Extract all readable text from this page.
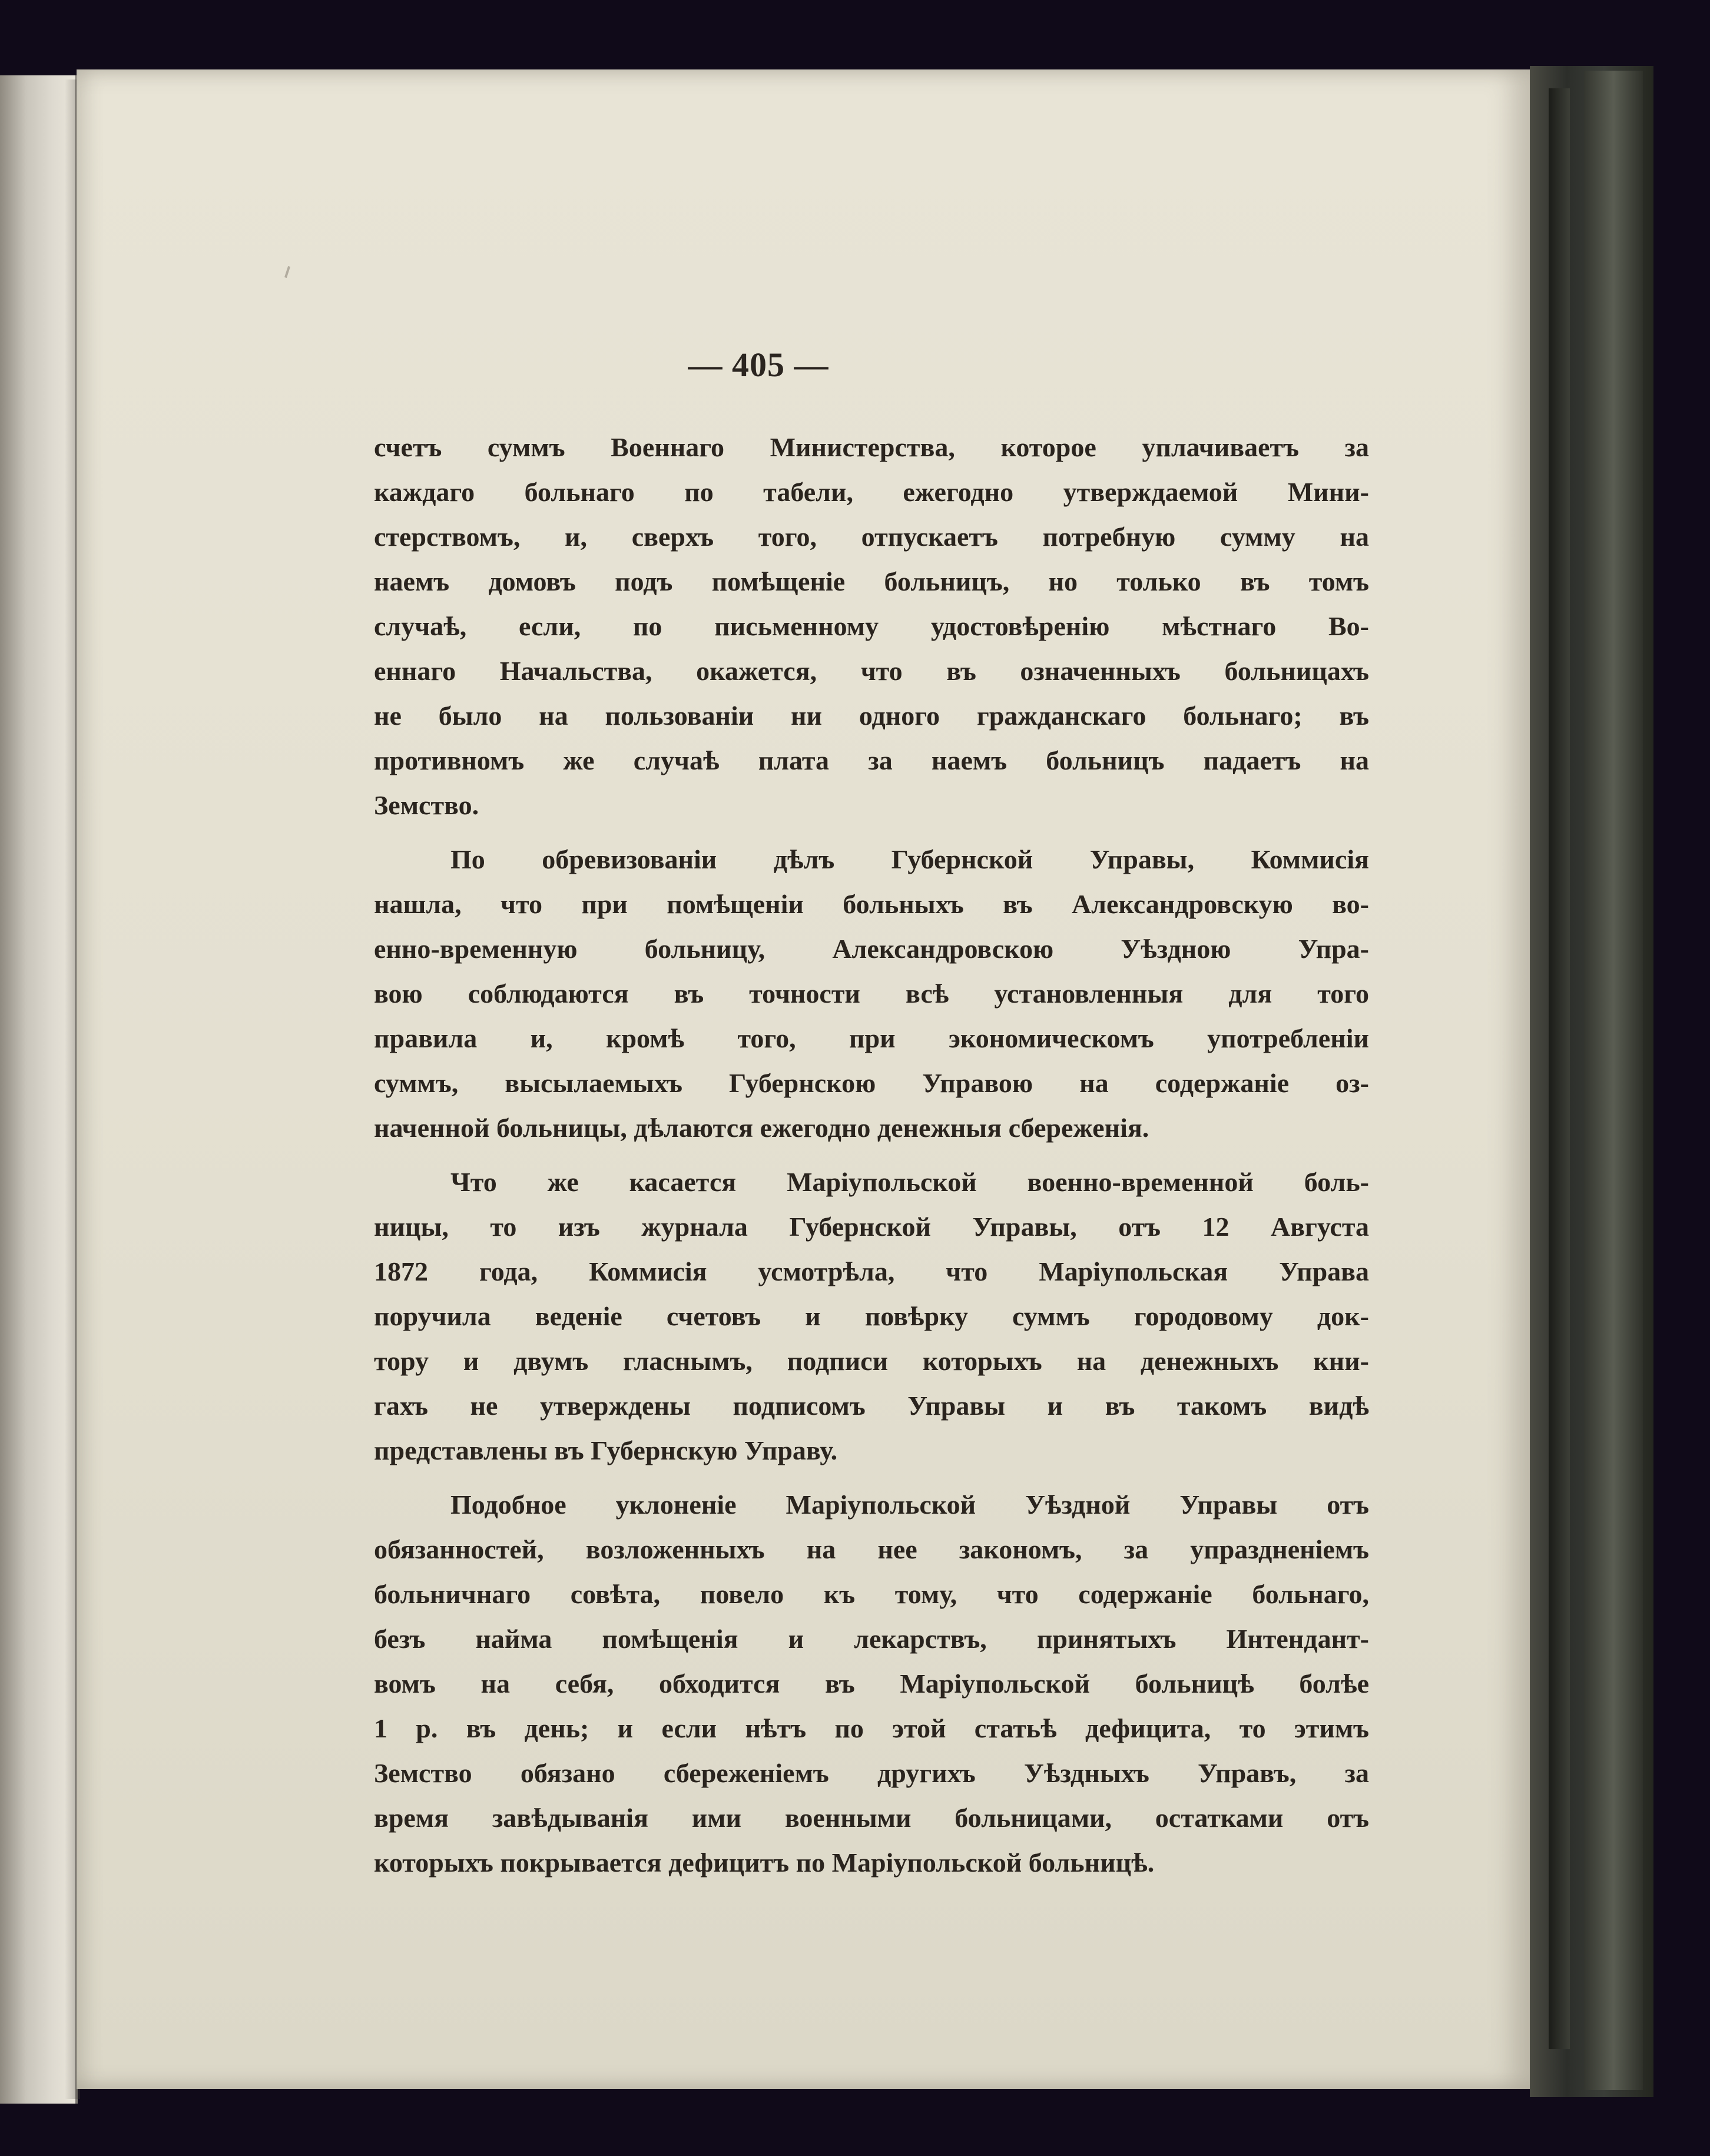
— 405 —
счетъ суммъ Военнаго Министерства, которое уплачиваетъ за
каждаго больнаго по табели, ежегодно утверждаемой Мини-
стерствомъ, и, сверхъ того, отпускаетъ потребную сумму на
наемъ домовъ подъ помѣщеніе больницъ, но только въ томъ
случаѣ, если, по письменному удостовѣренію мѣстнаго Во-
еннаго Начальства, окажется, что въ означенныхъ больницахъ
не было на пользованіи ни одного гражданскаго больнаго; въ
противномъ же случаѣ плата за наемъ больницъ падаетъ на
Земство.
По обревизованіи дѣлъ Губернской Управы, Коммисія
нашла, что при помѣщеніи больныхъ въ Александровскую во-
енно-временную больницу, Александровскою Уѣздною Упра-
вою соблюдаются въ точности всѣ установленныя для того
правила и, кромѣ того, при экономическомъ употребленіи
суммъ, высылаемыхъ Губернскою Управою на содержаніе оз-
наченной больницы, дѣлаются ежегодно денежныя сбереженія.
Что же касается Маріупольской военно-временной боль-
ницы, то изъ журнала Губернской Управы, отъ 12 Августа
1872 года, Коммисія усмотрѣла, что Маріупольская Управа
поручила веденіе счетовъ и повѣрку суммъ городовому док-
тору и двумъ гласнымъ, подписи которыхъ на денежныхъ кни-
гахъ не утверждены подписомъ Управы и въ такомъ видѣ
представлены въ Губернскую Управу.
Подобное уклоненіе Маріупольской Уѣздной Управы отъ
обязанностей, возложенныхъ на нее закономъ, за упраздненіемъ
больничнаго совѣта, повело къ тому, что содержаніе больнаго,
безъ найма помѣщенія и лекарствъ, принятыхъ Интендант-
вомъ на себя, обходится въ Маріупольской больницѣ болѣе
1 р. въ день; и если нѣтъ по этой статьѣ дефицита, то этимъ
Земство обязано сбереженіемъ другихъ Уѣздныхъ Управъ, за
время завѣдыванія ими военными больницами, остатками отъ
которыхъ покрывается дефицитъ по Маріупольской больницѣ.
